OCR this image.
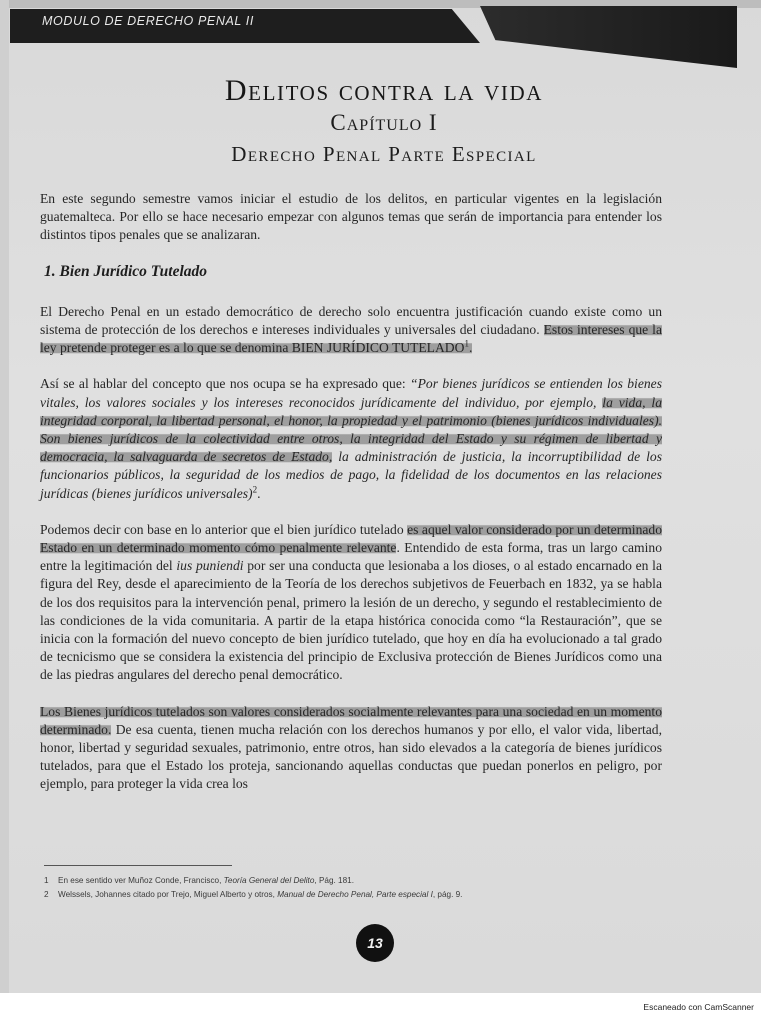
MODULO DE DERECHO PENAL II
Delitos contra la vida
Capítulo I
Derecho Penal Parte Especial

En este segundo semestre vamos iniciar el estudio de los delitos, en particular vigentes en la legislación guatemalteca. Por ello se hace necesario empezar con algunos temas que serán de importancia para entender los distintos tipos penales que se analizaran.

1. Bien Jurídico Tutelado

El Derecho Penal en un estado democrático de derecho solo encuentra justificación cuando existe como un sistema de protección de los derechos e intereses individuales y universales del ciudadano. Estos intereses que la ley pretende proteger es a lo que se denomina BIEN JURÍDICO TUTELADO$^1$.

Así se al hablar del concepto que nos ocupa se ha expresado que: “Por bienes jurídicos se entienden los bienes vitales, los valores sociales y los intereses reconocidos jurídicamente del individuo, por ejemplo, la vida, la integridad corporal, la libertad personal, el honor, la propiedad y el patrimonio (bienes jurídicos individuales). Son bienes jurídicos de la colectividad entre otros, la integridad del Estado y su régimen de libertad y democracia, la salvaguarda de secretos de Estado, la administración de justicia, la incorruptibilidad de los funcionarios públicos, la seguridad de los medios de pago, la fidelidad de los documentos en las relaciones jurídicas (bienes jurídicos universales)$^2$.

Podemos decir con base en lo anterior que el bien jurídico tutelado es aquel valor considerado por un determinado Estado en un determinado momento cómo penalmente relevante. Entendido de esta forma, tras un largo camino entre la legitimación del ius puniendi por ser una conducta que lesionaba a los dioses, o al estado encarnado en la figura del Rey, desde el aparecimiento de la Teoría de los derechos subjetivos de Feuerbach en 1832, ya se habla de los dos requisitos para la intervención penal, primero la lesión de un derecho, y segundo el restablecimiento de las condiciones de la vida comunitaria. A partir de la etapa histórica conocida como “la Restauración”, que se inicia con la formación del nuevo concepto de bien jurídico tutelado, que hoy en día ha evolucionado a tal grado de tecnicismo que se considera la existencia del principio de Exclusiva protección de Bienes Jurídicos como una de las piedras angulares del derecho penal democrático.

Los Bienes jurídicos tutelados son valores considerados socialmente relevantes para una sociedad en un momento determinado. De esa cuenta, tienen mucha relación con los derechos humanos y por ello, el valor vida, libertad, honor, libertad y seguridad sexuales, patrimonio, entre otros, han sido elevados a la categoría de bienes jurídicos tutelados, para que el Estado los proteja, sancionando aquellas conductas que puedan ponerlos en peligro, por ejemplo, para proteger la vida crea los

1 En ese sentido ver Muñoz Conde, Francisco, Teoría General del Delito, Pág. 181.
2 Welssels, Johannes citado por Trejo, Miguel Alberto y otros, Manual de Derecho Penal, Parte especial I, pág. 9.
13
Escaneado con CamScanner
